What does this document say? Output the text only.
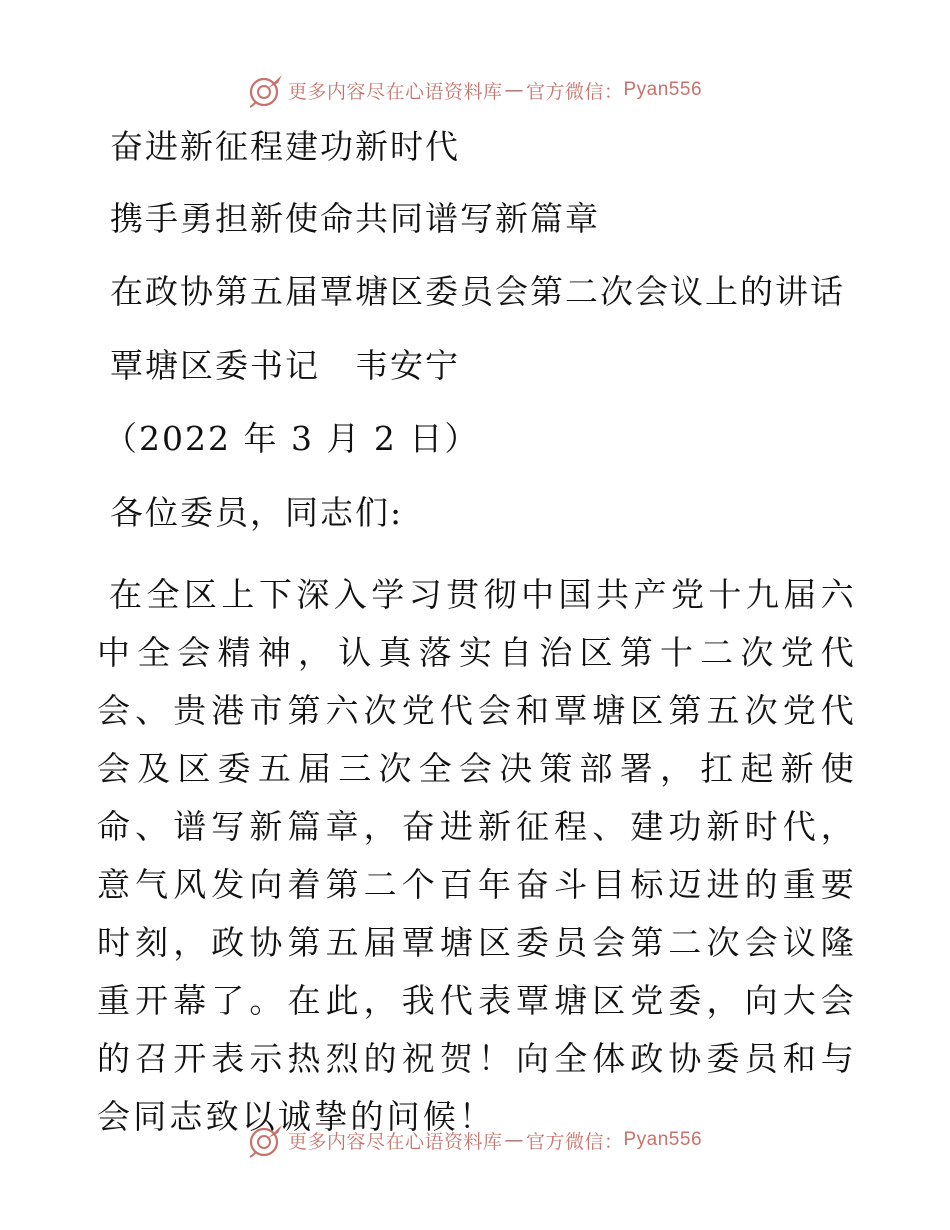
更多内容尽在心语资料库 — 官方微信： Pyan556
奋进新征程建功新时代
携手勇担新使命共同谱写新篇章
在政协第五届覃塘区委员会第二次会议上的讲话
覃塘区委书记　韦安宁
（2022 年 3 月 2 日）
各位委员，同志们:
在全区上下深入学习贯彻中国共产党十九届六中全会精神，认真落实自治区第十二次党代会、贵港市第六次党代会和覃塘区第五次党代会及区委五届三次全会决策部署，扛起新使命、谱写新篇章，奋进新征程、建功新时代，意气风发向着第二个百年奋斗目标迈进的重要时刻，政协第五届覃塘区委员会第二次会议隆重开幕了。在此，我代表覃塘区党委，向大会的召开表示热烈的祝贺！向全体政协委员和与会同志致以诚挚的问候！
更多内容尽在心语资料库 — 官方微信： Pyan556
